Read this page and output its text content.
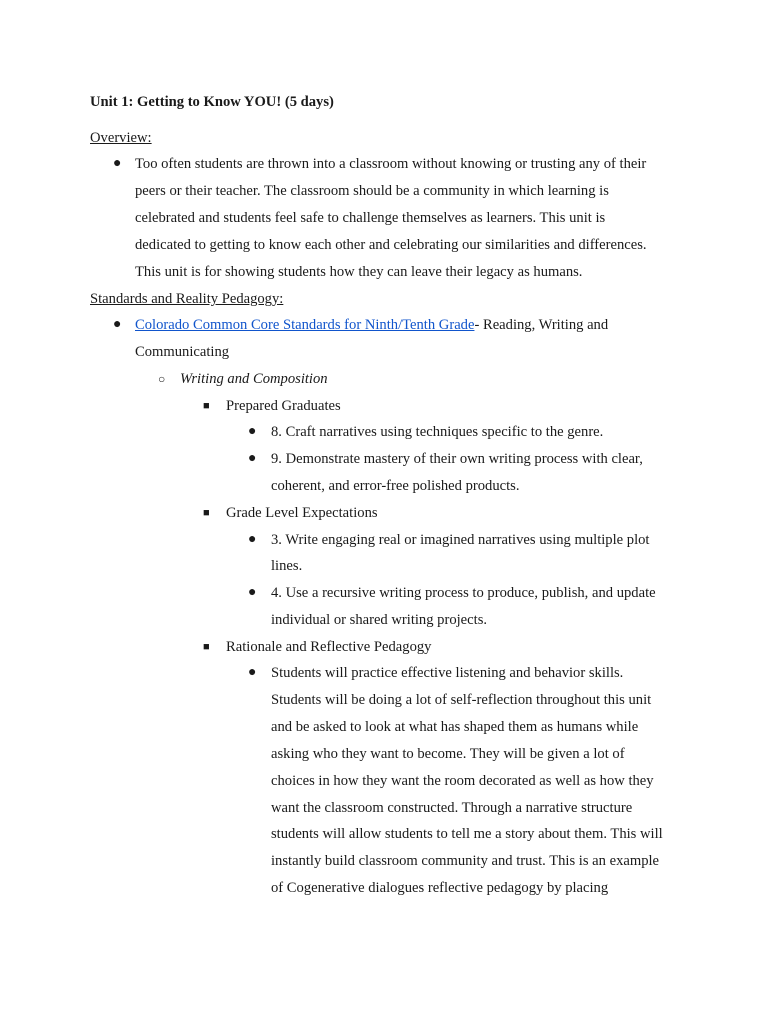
Unit 1: Getting to Know YOU! (5 days)
Overview:
● Too often students are thrown into a classroom without knowing or trusting any of their
peers or their teacher. The classroom should be a community in which learning is
celebrated and students feel safe to challenge themselves as learners. This unit is
dedicated to getting to know each other and celebrating our similarities and differences.
This unit is for showing students how they can leave their legacy as humans.
Standards and Reality Pedagogy:
● Colorado Common Core Standards for Ninth/Tenth Grade- Reading, Writing and
Communicating
○ Writing and Composition
■ Prepared Graduates
● 8. Craft narratives using techniques specific to the genre.
● 9. Demonstrate mastery of their own writing process with clear,
coherent, and error-free polished products.
■ Grade Level Expectations
● 3. Write engaging real or imagined narratives using multiple plot
lines.
● 4. Use a recursive writing process to produce, publish, and update
individual or shared writing projects.
■ Rationale and Reflective Pedagogy
● Students will practice effective listening and behavior skills.
Students will be doing a lot of self-reflection throughout this unit
and be asked to look at what has shaped them as humans while
asking who they want to become. They will be given a lot of
choices in how they want the room decorated as well as how they
want the classroom constructed. Through a narrative structure
students will allow students to tell me a story about them. This will
instantly build classroom community and trust. This is an example
of Cogenerative dialogues reflective pedagogy by placing
